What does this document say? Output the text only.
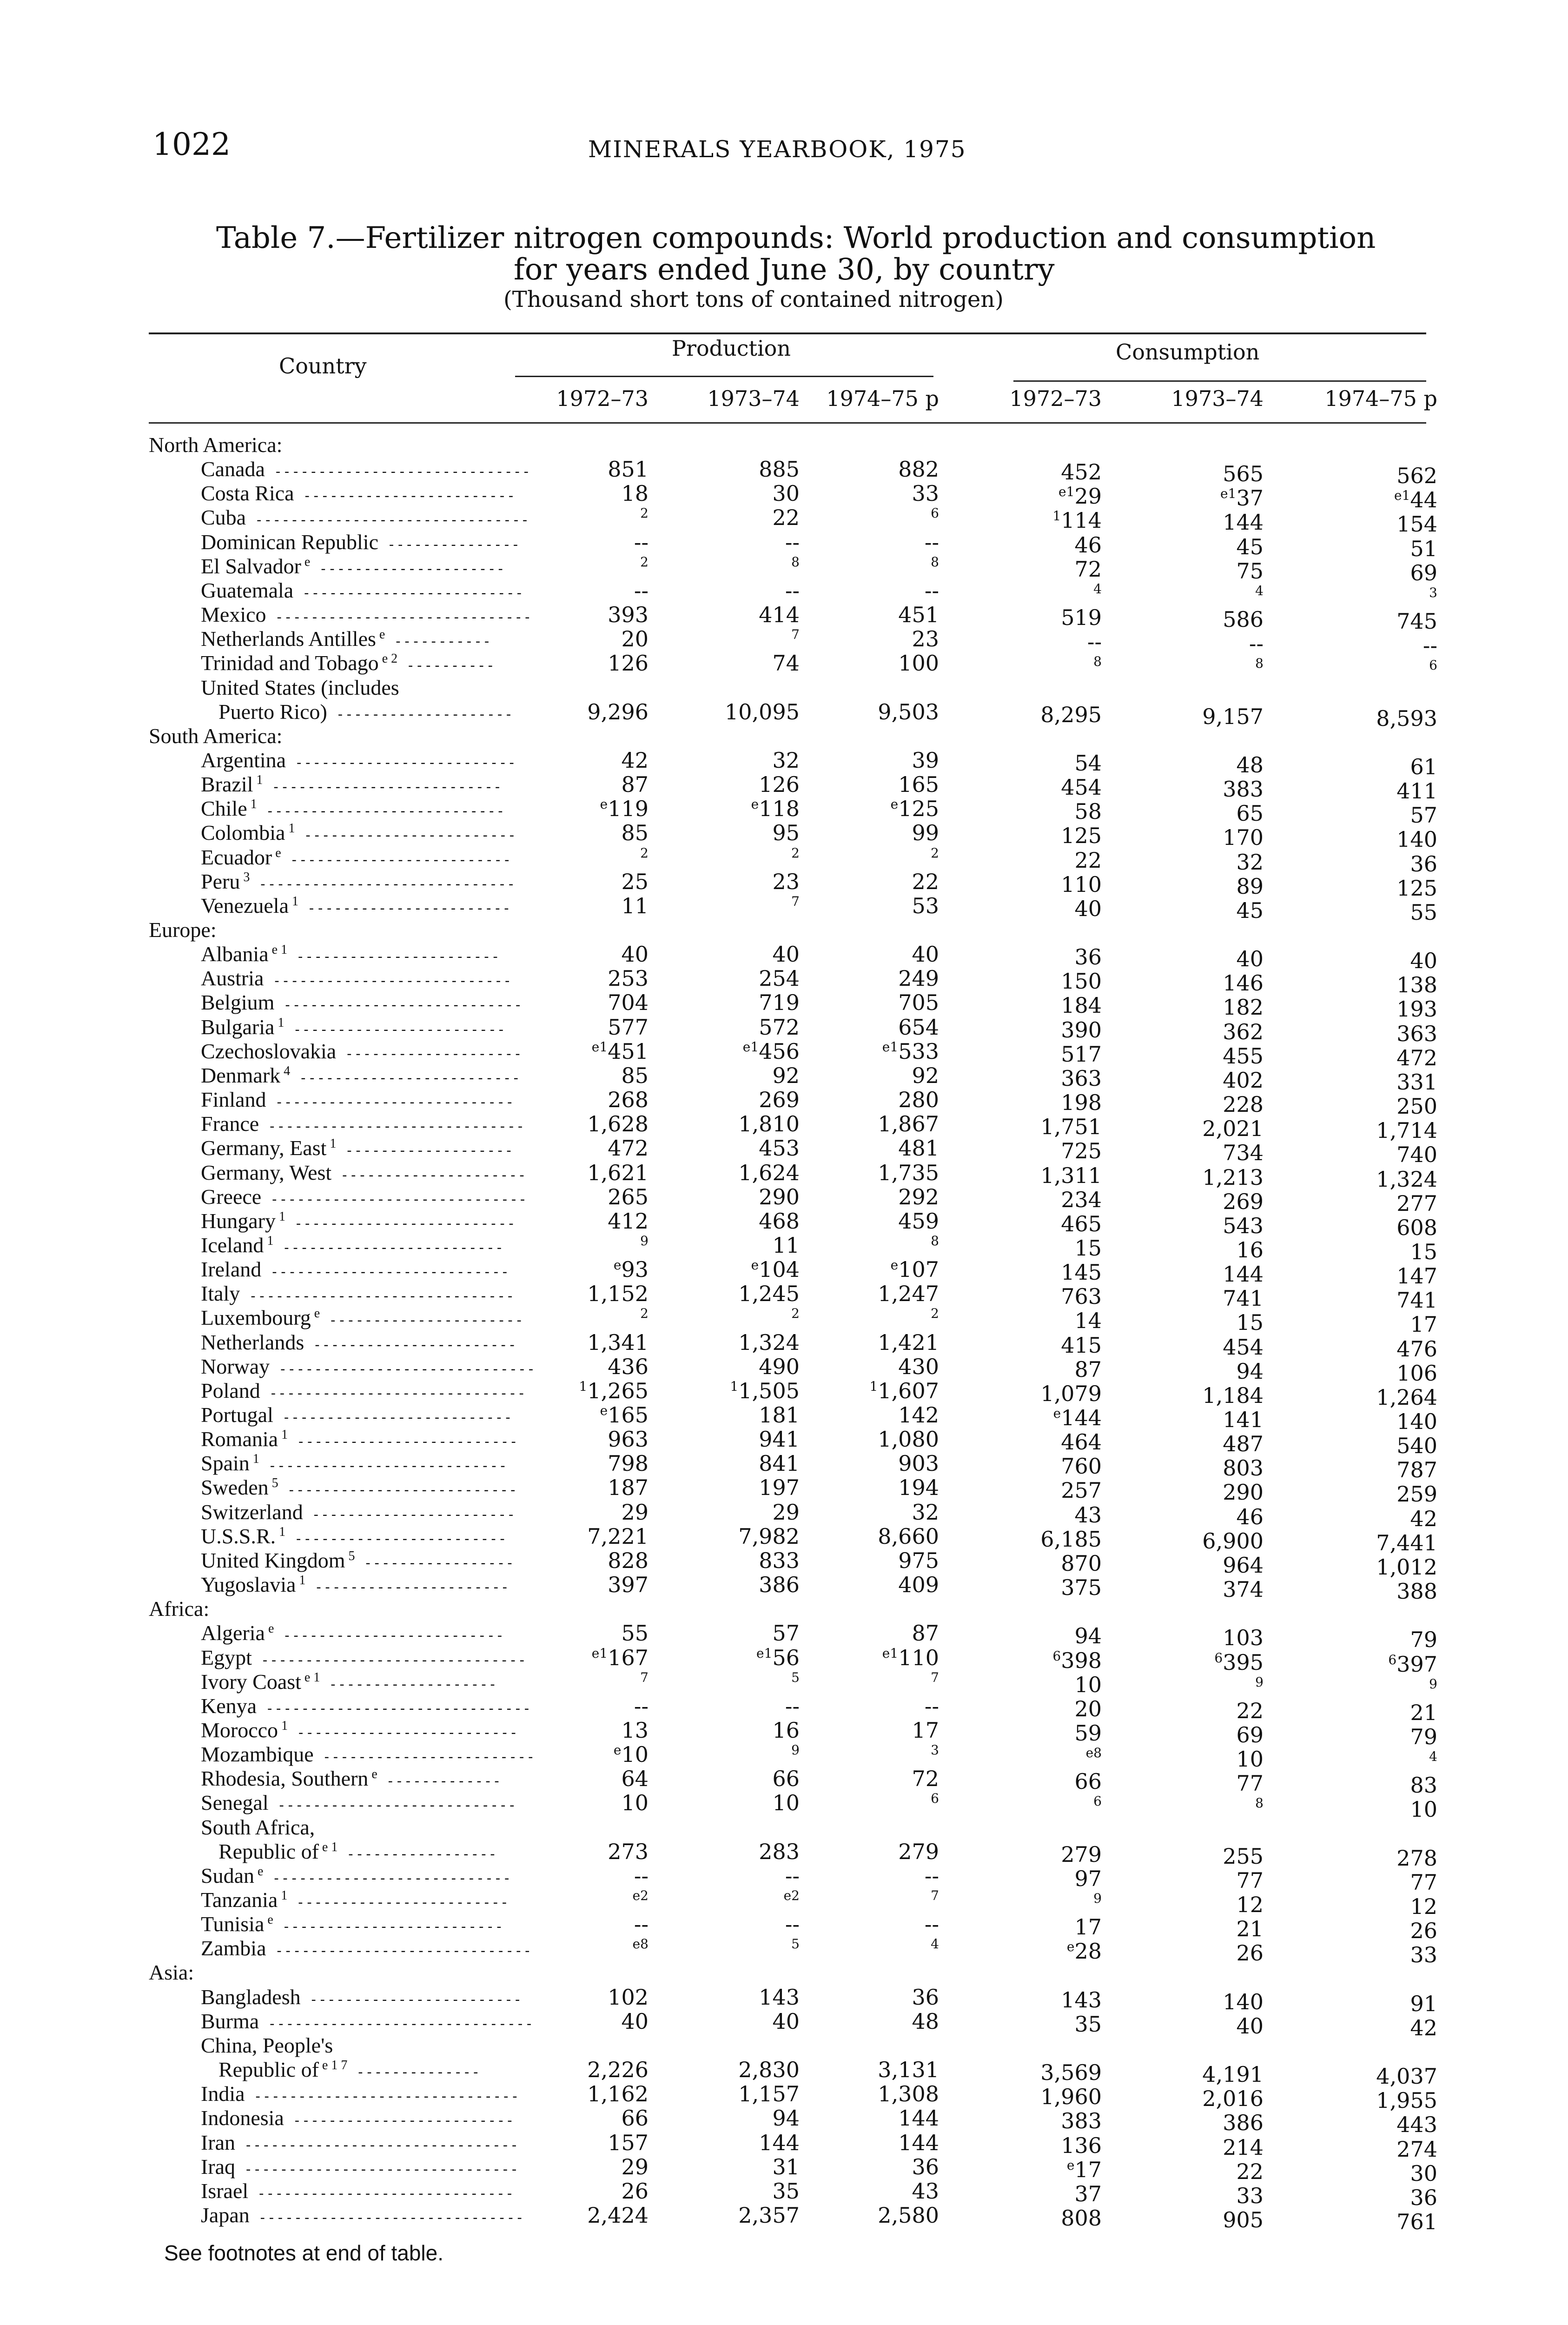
1022	MINERALS YEARBOOK, 1975
Table 7.—Fertilizer nitrogen compounds: World production and consumption
for years ended June 30, by country
(Thousand short tons of contained nitrogen)
Country
Production	Consumption
1972–73	1973–74	1974–75 p	1972–73	1973–74	1974–75 p
North America:
Canada -----------------------------	851	885	882	452	565	562
Costa Rica ------------------------	18	30	33	$^{e1}$29	$^{e1}$37	$^{e1}$44
Cuba -------------------------------	$^2$	22	$^6$	$^1$114	144	154
Dominican Republic ---------------	--	--	--	46	45	51
El Salvador $^e$ ---------------------	$^2$	$^8$	$^8$	72	75	69
Guatemala -------------------------	--	--	--	$^4$	$^4$	$^3$
Mexico -----------------------------	393	414	451	519	586	745
Netherlands Antilles $^e$ -----------	20	$^7$	23	--	--	--
Trinidad and Tobago $^e$ $^2$ ----------	126	74	100	$^8$	$^8$	$^6$
United States (includes
Puerto Rico) --------------------	9,296	10,095	9,503	8,295	9,157	8,593
South America:
Argentina -------------------------	42	32	39	54	48	61
Brazil $^1$ --------------------------	87	126	165	454	383	411
Chile $^1$ ---------------------------	$^e$119	$^e$118	$^e$125	58	65	57
Colombia $^1$ ------------------------	85	95	99	125	170	140
Ecuador $^e$ -------------------------	$^2$	$^2$	$^2$	22	32	36
Peru $^3$ -----------------------------	25	23	22	110	89	125
Venezuela $^1$ -----------------------	11	$^7$	53	40	45	55
Europe:
Albania $^e$ $^1$ -----------------------	40	40	40	36	40	40
Austria ---------------------------	253	254	249	150	146	138
Belgium ---------------------------	704	719	705	184	182	193
Bulgaria $^1$ ------------------------	577	572	654	390	362	363
Czechoslovakia --------------------	$^{e1}$451	$^{e1}$456	$^{e1}$533	517	455	472
Denmark $^4$ -------------------------	85	92	92	363	402	331
Finland ---------------------------	268	269	280	198	228	250
France -----------------------------	1,628	1,810	1,867	1,751	2,021	1,714
Germany, East $^1$ -------------------	472	453	481	725	734	740
Germany, West ---------------------	1,621	1,624	1,735	1,311	1,213	1,324
Greece -----------------------------	265	290	292	234	269	277
Hungary $^1$ -------------------------	412	468	459	465	543	608
Iceland $^1$ -------------------------	$^9$	11	$^8$	15	16	15
Ireland ---------------------------	$^e$93	$^e$104	$^e$107	145	144	147
Italy ------------------------------	1,152	1,245	1,247	763	741	741
Luxembourg $^e$ ----------------------	$^2$	$^2$	$^2$	14	15	17
Netherlands -----------------------	1,341	1,324	1,421	415	454	476
Norway -----------------------------	436	490	430	87	94	106
Poland -----------------------------	$^1$1,265	$^1$1,505	$^1$1,607	1,079	1,184	1,264
Portugal --------------------------	$^e$165	181	142	$^e$144	141	140
Romania $^1$ -------------------------	963	941	1,080	464	487	540
Spain $^1$ ---------------------------	798	841	903	760	803	787
Sweden $^5$ --------------------------	187	197	194	257	290	259
Switzerland -----------------------	29	29	32	43	46	42
U.S.S.R. $^1$ ------------------------	7,221	7,982	8,660	6,185	6,900	7,441
United Kingdom $^5$ -----------------	828	833	975	870	964	1,012
Yugoslavia $^1$ ----------------------	397	386	409	375	374	388
Africa:
Algeria $^e$ -------------------------	55	57	87	94	103	79
Egypt ------------------------------	$^{e1}$167	$^{e1}$56	$^{e1}$110	$^6$398	$^6$395	$^6$397
Ivory Coast $^e$ $^1$ -------------------	$^7$	$^5$	$^7$	10	$^9$	$^9$
Kenya ------------------------------	--	--	--	20	22	21
Morocco $^1$ -------------------------	13	16	17	59	69	79
Mozambique ------------------------	$^e$10	$^9$	$^3$	$^{e8}$	10	$^4$
Rhodesia, Southern $^e$ -------------	64	66	72	66	77	83
Senegal ---------------------------	10	10	$^6$	$^6$	$^8$	10
South Africa,
Republic of $^e$ $^1$ -----------------	273	283	279	279	255	278
Sudan $^e$ ---------------------------	--	--	--	97	77	77
Tanzania $^1$ ------------------------	$^{e2}$	$^{e2}$	$^7$	$^9$	12	12
Tunisia $^e$ -------------------------	--	--	--	17	21	26
Zambia -----------------------------	$^{e8}$	$^5$	$^4$	$^e$28	26	33
Asia:
Bangladesh ------------------------	102	143	36	143	140	91
Burma ------------------------------	40	40	48	35	40	42
China, People's
Republic of $^e$ $^1$ $^7$ --------------	2,226	2,830	3,131	3,569	4,191	4,037
India ------------------------------	1,162	1,157	1,308	1,960	2,016	1,955
Indonesia -------------------------	66	94	144	383	386	443
Iran -------------------------------	157	144	144	136	214	274
Iraq -------------------------------	29	31	36	$^e$17	22	30
Israel -----------------------------	26	35	43	37	33	36
Japan ------------------------------	2,424	2,357	2,580	808	905	761
See footnotes at end of table.
